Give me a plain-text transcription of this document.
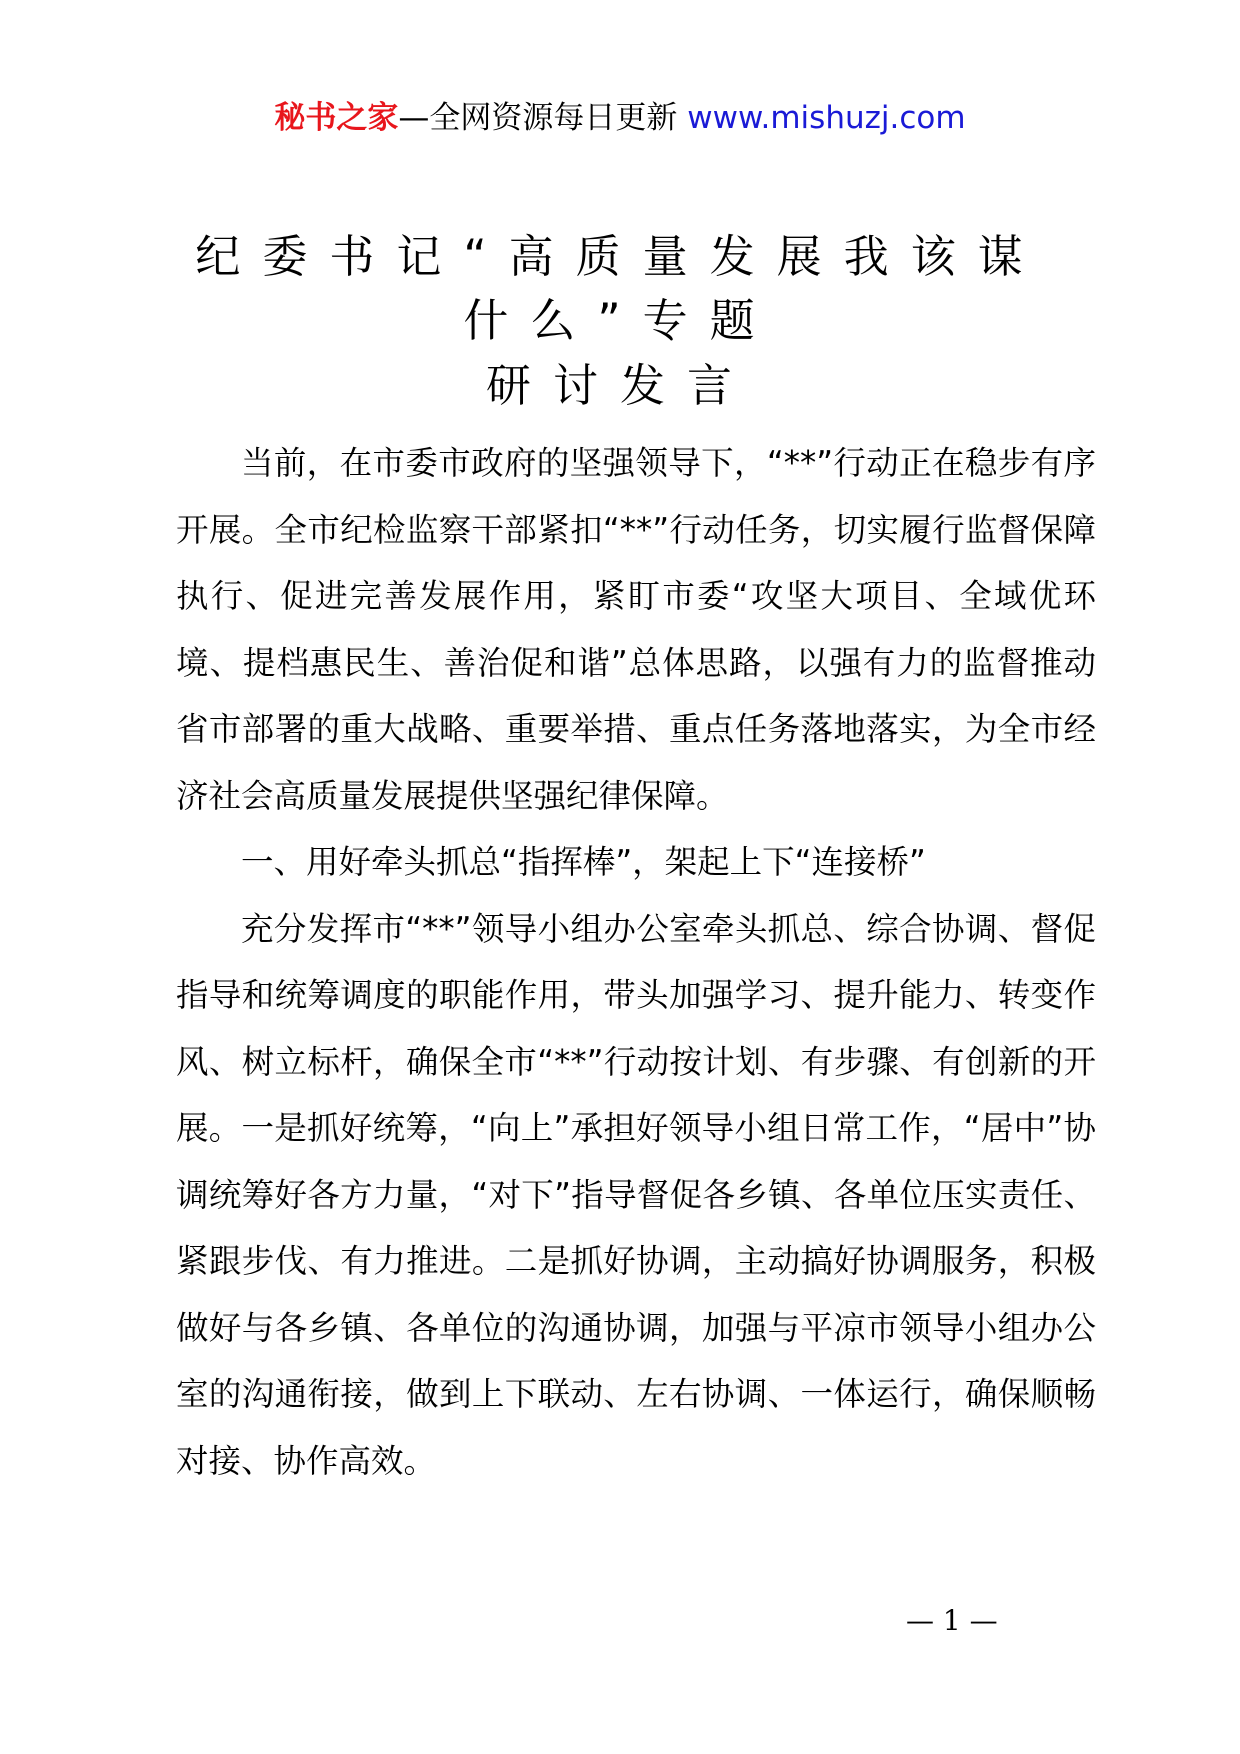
秘书之家—全网资源每日更新 www.mishuzj.com
纪委书记“高质量发展我该谋
什么”专题
研讨发言

当前，在市委市政府的坚强领导下，“**”行动正在稳步有序开展。全市纪检监察干部紧扣“**”行动任务，切实履行监督保障执行、促进完善发展作用，紧盯市委“攻坚大项目、全域优环境、提档惠民生、善治促和谐”总体思路，以强有力的监督推动省市部署的重大战略、重要举措、重点任务落地落实，为全市经济社会高质量发展提供坚强纪律保障。

一、用好牵头抓总“指挥棒”，架起上下“连接桥”

充分发挥市“**”领导小组办公室牵头抓总、综合协调、督促指导和统筹调度的职能作用，带头加强学习、提升能力、转变作风、树立标杆，确保全市“**”行动按计划、有步骤、有创新的开展。一是抓好统筹，“向上”承担好领导小组日常工作，“居中”协调统筹好各方力量，“对下”指导督促各乡镇、各单位压实责任、紧跟步伐、有力推进。二是抓好协调，主动搞好协调服务，积极做好与各乡镇、各单位的沟通协调，加强与平凉市领导小组办公室的沟通衔接，做到上下联动、左右协调、一体运行，确保顺畅对接、协作高效。

— 1 —
